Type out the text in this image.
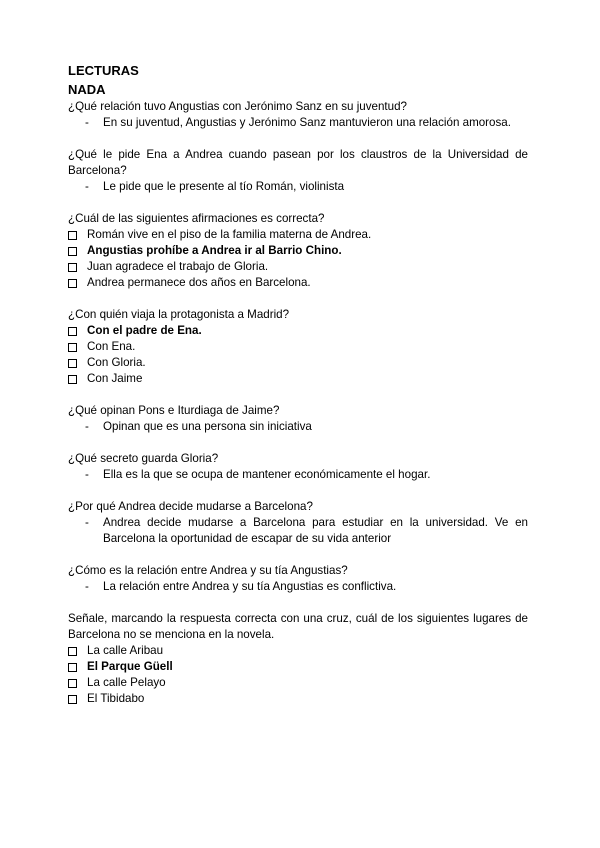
LECTURAS
NADA
¿Qué relación tuvo Angustias con Jerónimo Sanz en su juventud?
-	En su juventud, Angustias y Jerónimo Sanz mantuvieron una relación amorosa.
¿Qué le pide Ena a Andrea cuando pasean por los claustros de la Universidad de Barcelona?
-	Le pide que le presente al tío Román, violinista
¿Cuál de las siguientes afirmaciones es correcta?
Román vive en el piso de la familia materna de Andrea.
Angustias prohíbe a Andrea ir al Barrio Chino.
Juan agradece el trabajo de Gloria.
Andrea permanece dos años en Barcelona.
¿Con quién viaja la protagonista a Madrid?
Con el padre de Ena.
Con Ena.
Con Gloria.
Con Jaime
¿Qué opinan Pons e Iturdiaga de Jaime?
-	Opinan que es una persona sin iniciativa
¿Qué secreto guarda Gloria?
-	Ella es la que se ocupa de mantener económicamente el hogar.
¿Por qué Andrea decide mudarse a Barcelona?
-	Andrea decide mudarse a Barcelona para estudiar en la universidad. Ve en Barcelona la oportunidad de escapar de su vida anterior
¿Cómo es la relación entre Andrea y su tía Angustias?
-	La relación entre Andrea y su tía Angustias es conflictiva.
Señale, marcando la respuesta correcta con una cruz, cuál de los siguientes lugares de Barcelona no se menciona en la novela.
La calle Aribau
El Parque Güell
La calle Pelayo
El Tibidabo
